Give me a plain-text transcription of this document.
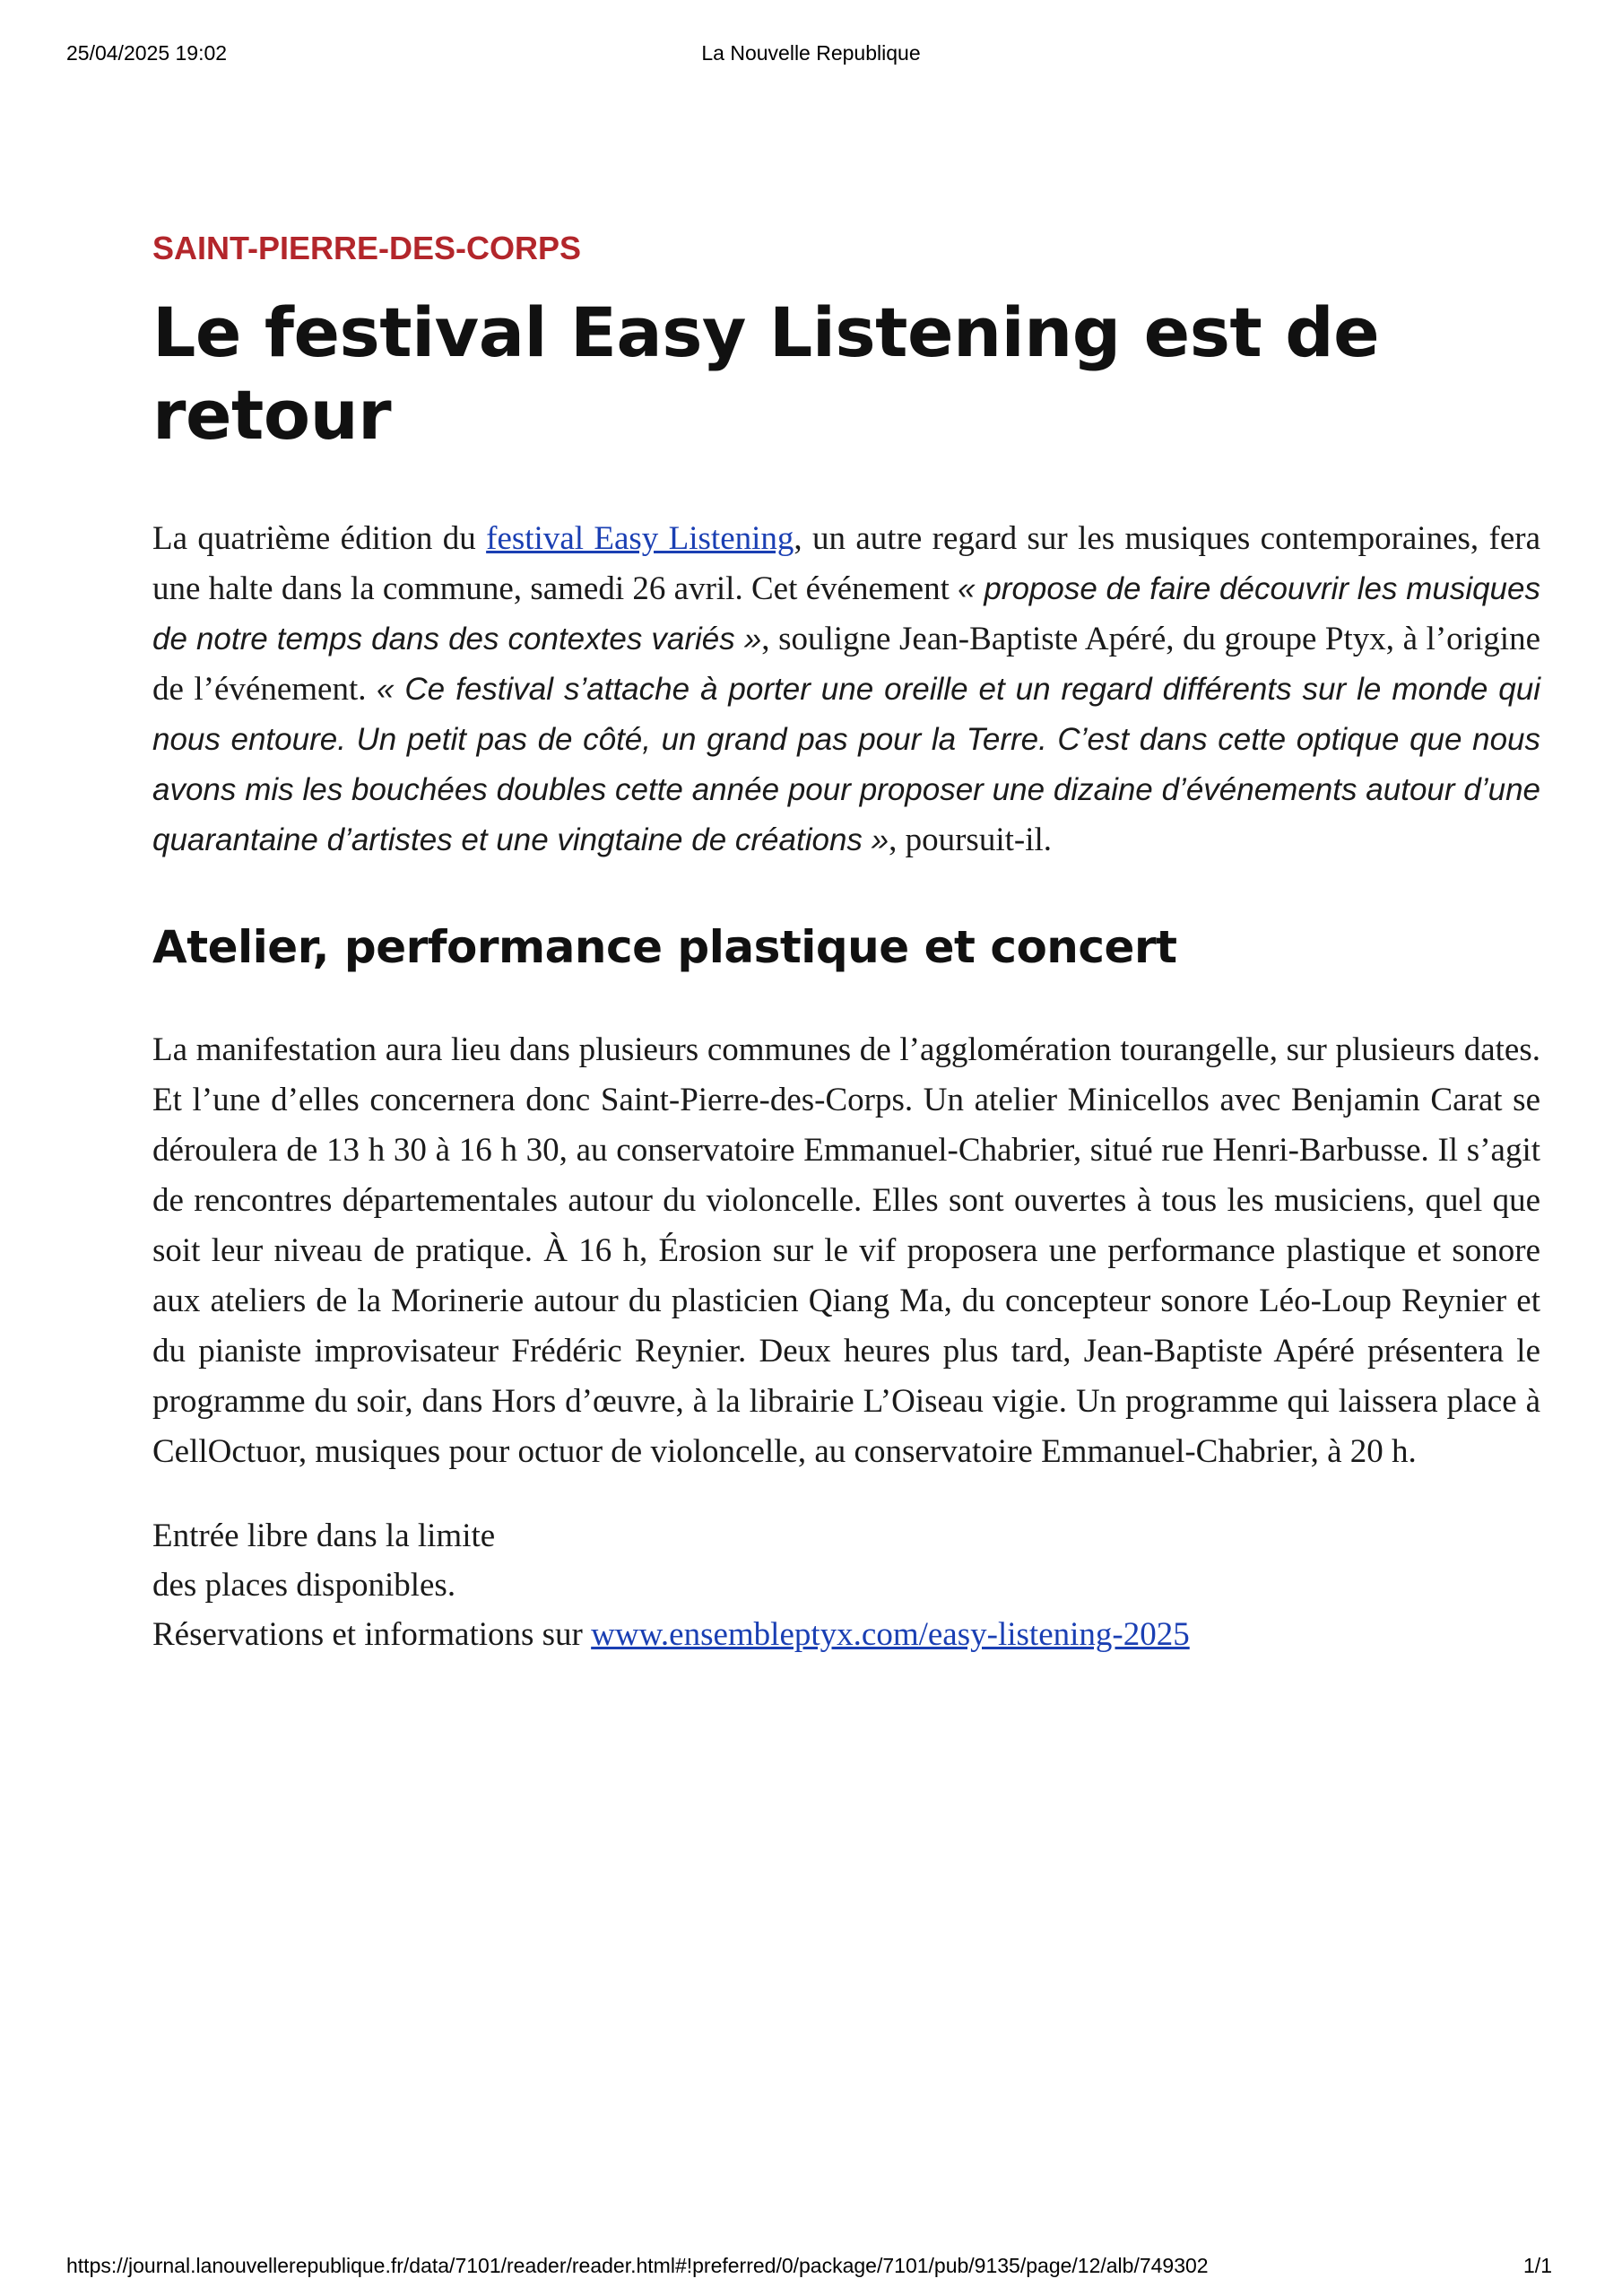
25/04/2025 19:02	La Nouvelle Republique
SAINT-PIERRE-DES-CORPS
Le festival Easy Listening est de retour

La quatrième édition du festival Easy Listening, un autre regard sur les musiques contemporaines, fera une halte dans la commune, samedi 26 avril. Cet événement « propose de faire découvrir les musiques de notre temps dans des contextes variés », souligne Jean-Baptiste Apéré, du groupe Ptyx, à l’origine de l’événement. « Ce festival s’attache à porter une oreille et un regard différents sur le monde qui nous entoure. Un petit pas de côté, un grand pas pour la Terre. C’est dans cette optique que nous avons mis les bouchées doubles cette année pour proposer une dizaine d’événements autour d’une quarantaine d’artistes et une vingtaine de créations », poursuit-il.

Atelier, performance plastique et concert

La manifestation aura lieu dans plusieurs communes de l’agglomération tourangelle, sur plusieurs dates. Et l’une d’elles concernera donc Saint-Pierre-des-Corps. Un atelier Minicellos avec Benjamin Carat se déroulera de 13 h 30 à 16 h 30, au conservatoire Emmanuel-Chabrier, situé rue Henri-Barbusse. Il s’agit de rencontres départementales autour du violoncelle. Elles sont ouvertes à tous les musiciens, quel que soit leur niveau de pratique. À 16 h, Érosion sur le vif proposera une performance plastique et sonore aux ateliers de la Morinerie autour du plasticien Qiang Ma, du concepteur sonore Léo-Loup Reynier et du pianiste improvisateur Frédéric Reynier. Deux heures plus tard, Jean-Baptiste Apéré présentera le programme du soir, dans Hors d’œuvre, à la librairie L’Oiseau vigie. Un programme qui laissera place à CellOctuor, musiques pour octuor de violoncelle, au conservatoire Emmanuel-Chabrier, à 20 h.

Entrée libre dans la limite
des places disponibles.
Réservations et informations sur www.ensembleptyx.com/easy-listening-2025
https://journal.lanouvellerepublique.fr/data/7101/reader/reader.html#!preferred/0/package/7101/pub/9135/page/12/alb/749302	1/1
